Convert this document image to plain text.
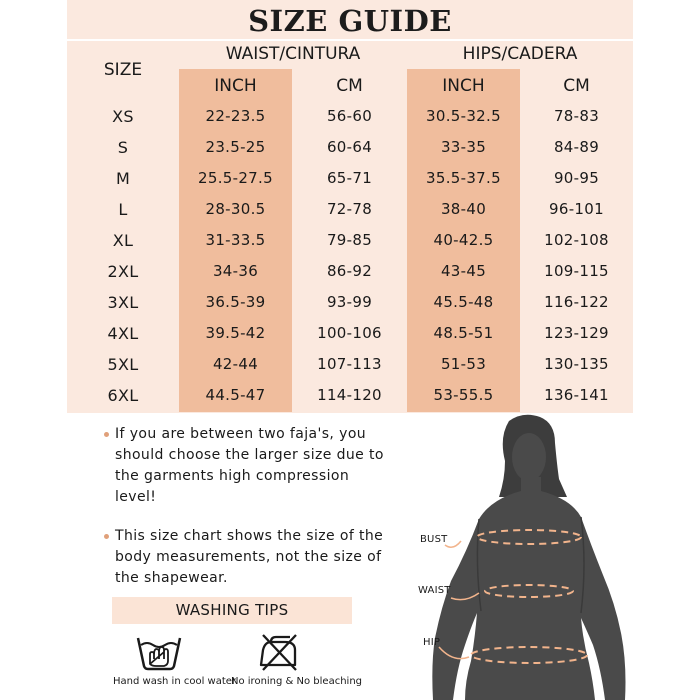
SIZE GUIDE
SIZE
WAIST/CINTURA	HIPS/CADERA
INCH	CM	INCH	CM
XS	22-23.5	56-60	30.5-32.5	78-83
S	23.5-25	60-64	33-35	84-89
M	25.5-27.5	65-71	35.5-37.5	90-95
L	28-30.5	72-78	38-40	96-101
XL	31-33.5	79-85	40-42.5	102-108
2XL	34-36	86-92	43-45	109-115
3XL	36.5-39	93-99	45.5-48	116-122
4XL	39.5-42	100-106	48.5-51	123-129
5XL	42-44	107-113	51-53	130-135
6XL	44.5-47	114-120	53-55.5	136-141
If you are between two faja's, you should choose the larger size due to the garments high compression level!
This size chart shows the size of the body measurements, not the size of the shapewear.
WASHING TIPS
Hand wash in cool water
No ironing & No bleaching
BUST
WAIST
HIP
